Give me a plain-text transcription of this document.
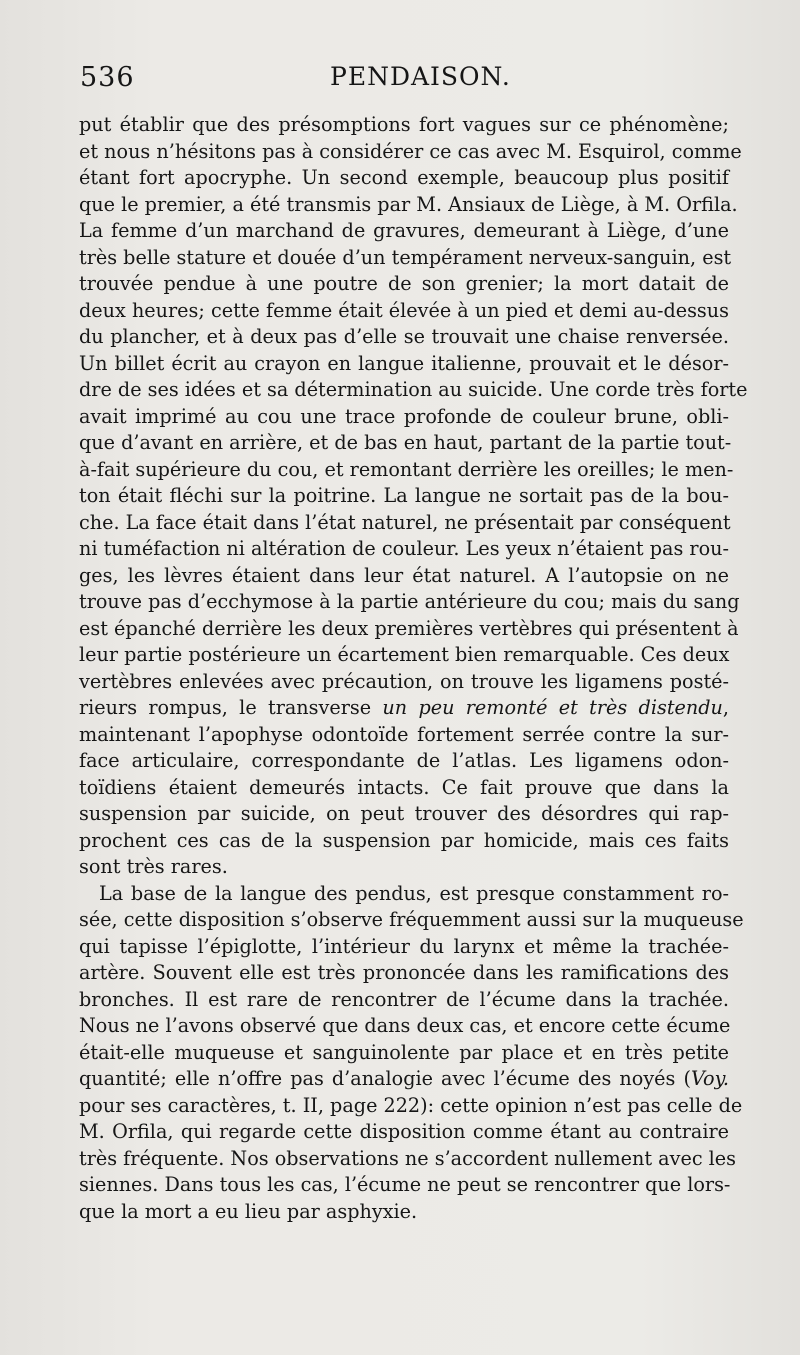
536	PENDAISON.
put établir que des présomptions fort vagues sur ce phénomène;
et nous n’hésitons pas à considérer ce cas avec M. Esquirol, comme
étant fort apocryphe. Un second exemple, beaucoup plus positif
que le premier, a été transmis par M. Ansiaux de Liège, à M. Orfila.
La femme d’un marchand de gravures, demeurant à Liège, d’une
très belle stature et douée d’un tempérament nerveux-sanguin, est
trouvée pendue à une poutre de son grenier; la mort datait de
deux heures; cette femme était élevée à un pied et demi au-dessus
du plancher, et à deux pas d’elle se trouvait une chaise renversée.
Un billet écrit au crayon en langue italienne, prouvait et le désor-
dre de ses idées et sa détermination au suicide. Une corde très forte
avait imprimé au cou une trace profonde de couleur brune, obli-
que d’avant en arrière, et de bas en haut, partant de la partie tout-
à-fait supérieure du cou, et remontant derrière les oreilles; le men-
ton était fléchi sur la poitrine. La langue ne sortait pas de la bou-
che. La face était dans l’état naturel, ne présentait par conséquent
ni tuméfaction ni altération de couleur. Les yeux n’étaient pas rou-
ges, les lèvres étaient dans leur état naturel. A l’autopsie on ne
trouve pas d’ecchymose à la partie antérieure du cou; mais du sang
est épanché derrière les deux premières vertèbres qui présentent à
leur partie postérieure un écartement bien remarquable. Ces deux
vertèbres enlevées avec précaution, on trouve les ligamens posté-
rieurs rompus, le transverse un peu remonté et très distendu,
maintenant l’apophyse odontoïde fortement serrée contre la sur-
face articulaire, correspondante de l’atlas. Les ligamens odon-
toïdiens étaient demeurés intacts. Ce fait prouve que dans la
suspension par suicide, on peut trouver des désordres qui rap-
prochent ces cas de la suspension par homicide, mais ces faits
sont très rares.
La base de la langue des pendus, est presque constamment ro-
sée, cette disposition s’observe fréquemment aussi sur la muqueuse
qui tapisse l’épiglotte, l’intérieur du larynx et même la trachée-
artère. Souvent elle est très prononcée dans les ramifications des
bronches. Il est rare de rencontrer de l’écume dans la trachée.
Nous ne l’avons observé que dans deux cas, et encore cette écume
était-elle muqueuse et sanguinolente par place et en très petite
quantité; elle n’offre pas d’analogie avec l’écume des noyés (Voy.
pour ses caractères, t. II, page 222): cette opinion n’est pas celle de
M. Orfila, qui regarde cette disposition comme étant au contraire
très fréquente. Nos observations ne s’accordent nullement avec les
siennes. Dans tous les cas, l’écume ne peut se rencontrer que lors-
que la mort a eu lieu par asphyxie.
